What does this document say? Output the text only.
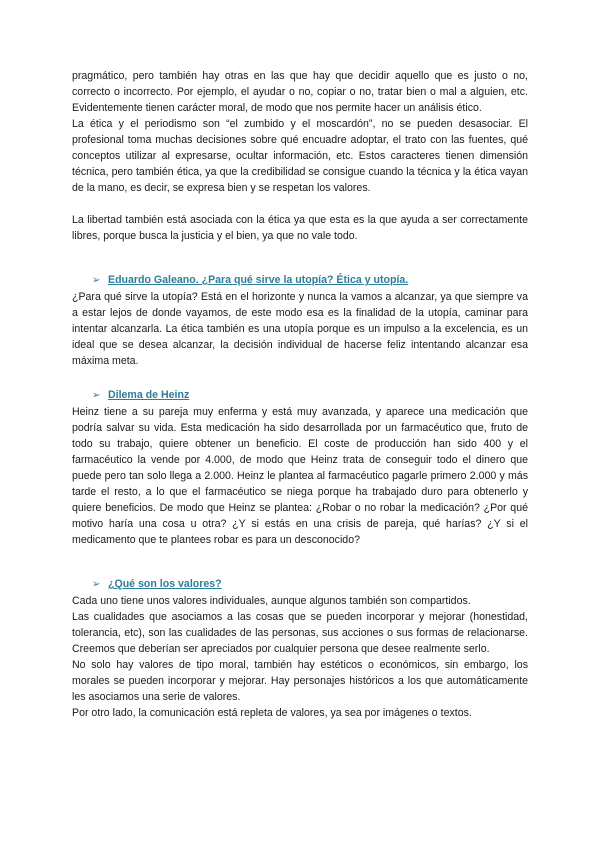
pragmático, pero también hay otras en las que hay que decidir aquello que es justo o no, correcto o incorrecto. Por ejemplo, el ayudar o no, copiar o no, tratar bien o mal a alguien, etc. Evidentemente tienen carácter moral, de modo que nos permite hacer un análisis ético.

La ética y el periodismo son “el zumbido y el moscardón”, no se pueden desasociar. El profesional toma muchas decisiones sobre qué encuadre adoptar, el trato con las fuentes, qué conceptos utilizar al expresarse, ocultar información, etc. Estos caracteres tienen dimensión técnica, pero también ética, ya que la credibilidad se consigue cuando la técnica y la ética vayan de la mano, es decir, se expresa bien y se respetan los valores.

La libertad también está asociada con la ética ya que esta es la que ayuda a ser correctamente libres, porque busca la justicia y el bien, ya que no vale todo.

➢ Eduardo Galeano. ¿Para qué sirve la utopía? Ética y utopía.

¿Para qué sirve la utopía? Está en el horizonte y nunca la vamos a alcanzar, ya que siempre va a estar lejos de donde vayamos, de este modo esa es la finalidad de la utopía, caminar para intentar alcanzarla. La ética también es una utopía porque es un impulso a la excelencia, es un ideal que se desea alcanzar, la decisión individual de hacerse feliz intentando alcanzar esa máxima meta.

➢ Dilema de Heinz

Heinz tiene a su pareja muy enferma y está muy avanzada, y aparece una medicación que podría salvar su vida. Esta medicación ha sido desarrollada por un farmacéutico que, fruto de todo su trabajo, quiere obtener un beneficio. El coste de producción han sido 400 y el farmacéutico la vende por 4.000, de modo que Heinz trata de conseguir todo el dinero que puede pero tan solo llega a 2.000. Heinz le plantea al farmacéutico pagarle primero 2.000 y más tarde el resto, a lo que el farmacéutico se niega porque ha trabajado duro para obtenerlo y quiere beneficios. De modo que Heinz se plantea: ¿Robar o no robar la medicación? ¿Por qué motivo haría una cosa u otra? ¿Y si estás en una crisis de pareja, qué harías? ¿Y si el medicamento que te plantees robar es para un desconocido?

➢ ¿Qué son los valores?

Cada uno tiene unos valores individuales, aunque algunos también son compartidos.

Las cualidades que asociamos a las cosas que se pueden incorporar y mejorar (honestidad, tolerancia, etc), son las cualidades de las personas, sus acciones o sus formas de relacionarse. Creemos que deberían ser apreciados por cualquier persona que desee realmente serlo.

No solo hay valores de tipo moral, también hay estéticos o económicos, sin embargo, los morales se pueden incorporar y mejorar. Hay personajes históricos a los que automáticamente les asociamos una serie de valores.

Por otro lado, la comunicación está repleta de valores, ya sea por imágenes o textos.
